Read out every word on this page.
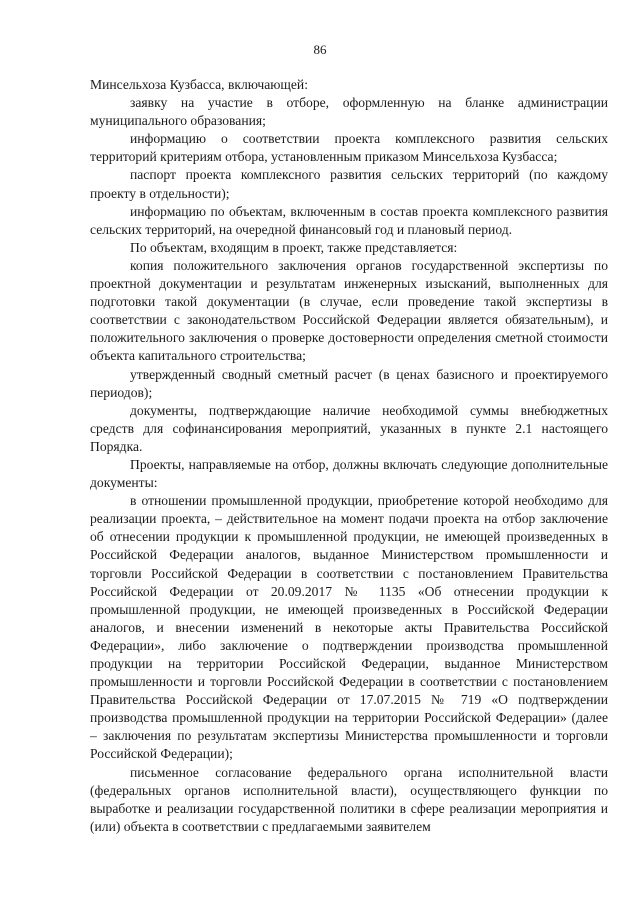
86

Минсельхоза Кузбасса, включающей:

заявку на участие в отборе, оформленную на бланке администрации муниципального образования;

информацию о соответствии проекта комплексного развития сельских территорий критериям отбора, установленным приказом Минсельхоза Кузбасса;

паспорт проекта комплексного развития сельских территорий (по каждому проекту в отдельности);

информацию по объектам, включенным в состав проекта комплексного развития сельских территорий, на очередной финансовый год и плановый период.

По объектам, входящим в проект, также представляется:

копия положительного заключения органов государственной экспертизы по проектной документации и результатам инженерных изысканий, выполненных для подготовки такой документации (в случае, если проведение такой экспертизы в соответствии с законодательством Российской Федерации является обязательным), и положительного заключения о проверке достоверности определения сметной стоимости объекта капитального строительства;

утвержденный сводный сметный расчет (в ценах базисного и проектируемого периодов);

документы, подтверждающие наличие необходимой суммы внебюджетных средств для софинансирования мероприятий, указанных в пункте 2.1 настоящего Порядка.

Проекты, направляемые на отбор, должны включать следующие дополнительные документы:

в отношении промышленной продукции, приобретение которой необходимо для реализации проекта, – действительное на момент подачи проекта на отбор заключение об отнесении продукции к промышленной продукции, не имеющей произведенных в Российской Федерации аналогов, выданное Министерством промышленности и торговли Российской Федерации в соответствии с постановлением Правительства Российской Федерации от 20.09.2017 № 1135 «Об отнесении продукции к промышленной продукции, не имеющей произведенных в Российской Федерации аналогов, и внесении изменений в некоторые акты Правительства Российской Федерации», либо заключение о подтверждении производства промышленной продукции на территории Российской Федерации, выданное Министерством промышленности и торговли Российской Федерации в соответствии с постановлением Правительства Российской Федерации от 17.07.2015 № 719 «О подтверждении производства промышленной продукции на территории Российской Федерации» (далее – заключения по результатам экспертизы Министерства промышленности и торговли Российской Федерации);

письменное согласование федерального органа исполнительной власти (федеральных органов исполнительной власти), осуществляющего функции по выработке и реализации государственной политики в сфере реализации мероприятия и (или) объекта в соответствии с предлагаемыми заявителем
